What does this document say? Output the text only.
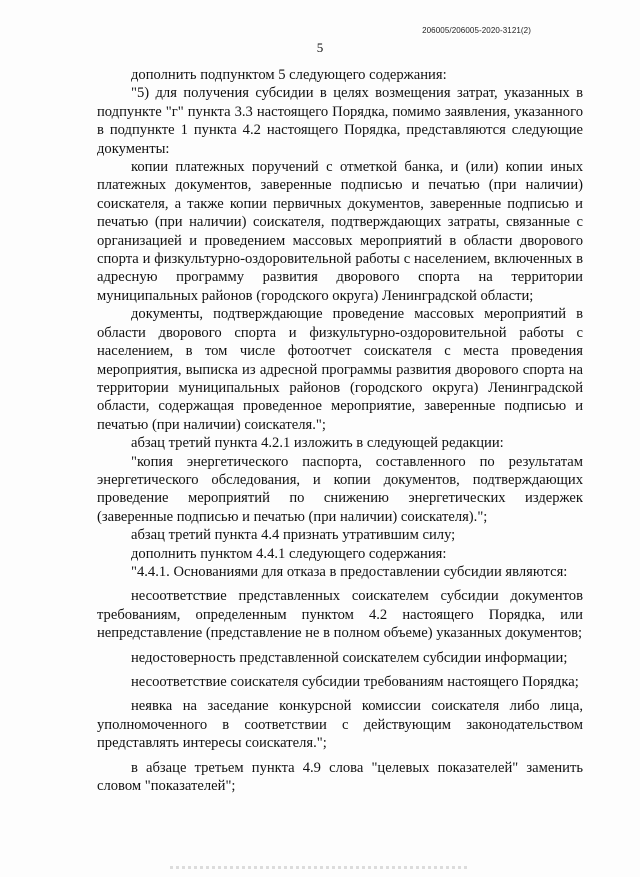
206005/206005-2020-3121(2)
5

дополнить подпунктом 5 следующего содержания:

"5) для получения субсидии в целях возмещения затрат, указанных в подпункте "г" пункта 3.3 настоящего Порядка, помимо заявления, указанного в подпункте 1 пункта 4.2 настоящего Порядка, представляются следующие документы:

копии платежных поручений с отметкой банка, и (или) копии иных платежных документов, заверенные подписью и печатью (при наличии) соискателя, а также копии первичных документов, заверенные подписью и печатью (при наличии) соискателя, подтверждающих затраты, связанные с организацией и проведением массовых мероприятий в области дворового спорта и физкультурно-оздоровительной работы с населением, включенных в адресную программу развития дворового спорта на территории муниципальных районов (городского округа) Ленинградской области;

документы, подтверждающие проведение массовых мероприятий в области дворового спорта и физкультурно-оздоровительной работы с населением, в том числе фотоотчет соискателя с места проведения мероприятия, выписка из адресной программы развития дворового спорта на территории муниципальных районов (городского округа) Ленинградской области, содержащая проведенное мероприятие, заверенные подписью и печатью (при наличии) соискателя.";

абзац третий пункта 4.2.1 изложить в следующей редакции:

"копия энергетического паспорта, составленного по результатам энергетического обследования, и копии документов, подтверждающих проведение мероприятий по снижению энергетических издержек (заверенные подписью и печатью (при наличии) соискателя).";

абзац третий пункта 4.4 признать утратившим силу;

дополнить пунктом 4.4.1 следующего содержания:

"4.4.1. Основаниями для отказа в предоставлении субсидии являются:

несоответствие представленных соискателем субсидии документов требованиям, определенным пунктом 4.2 настоящего Порядка, или непредставление (представление не в полном объеме) указанных документов;

недостоверность представленной соискателем субсидии информации;

несоответствие соискателя субсидии требованиям настоящего Порядка;

неявка на заседание конкурсной комиссии соискателя либо лица, уполномоченного в соответствии с действующим законодательством представлять интересы соискателя.";

в абзаце третьем пункта 4.9 слова "целевых показателей" заменить словом "показателей";
